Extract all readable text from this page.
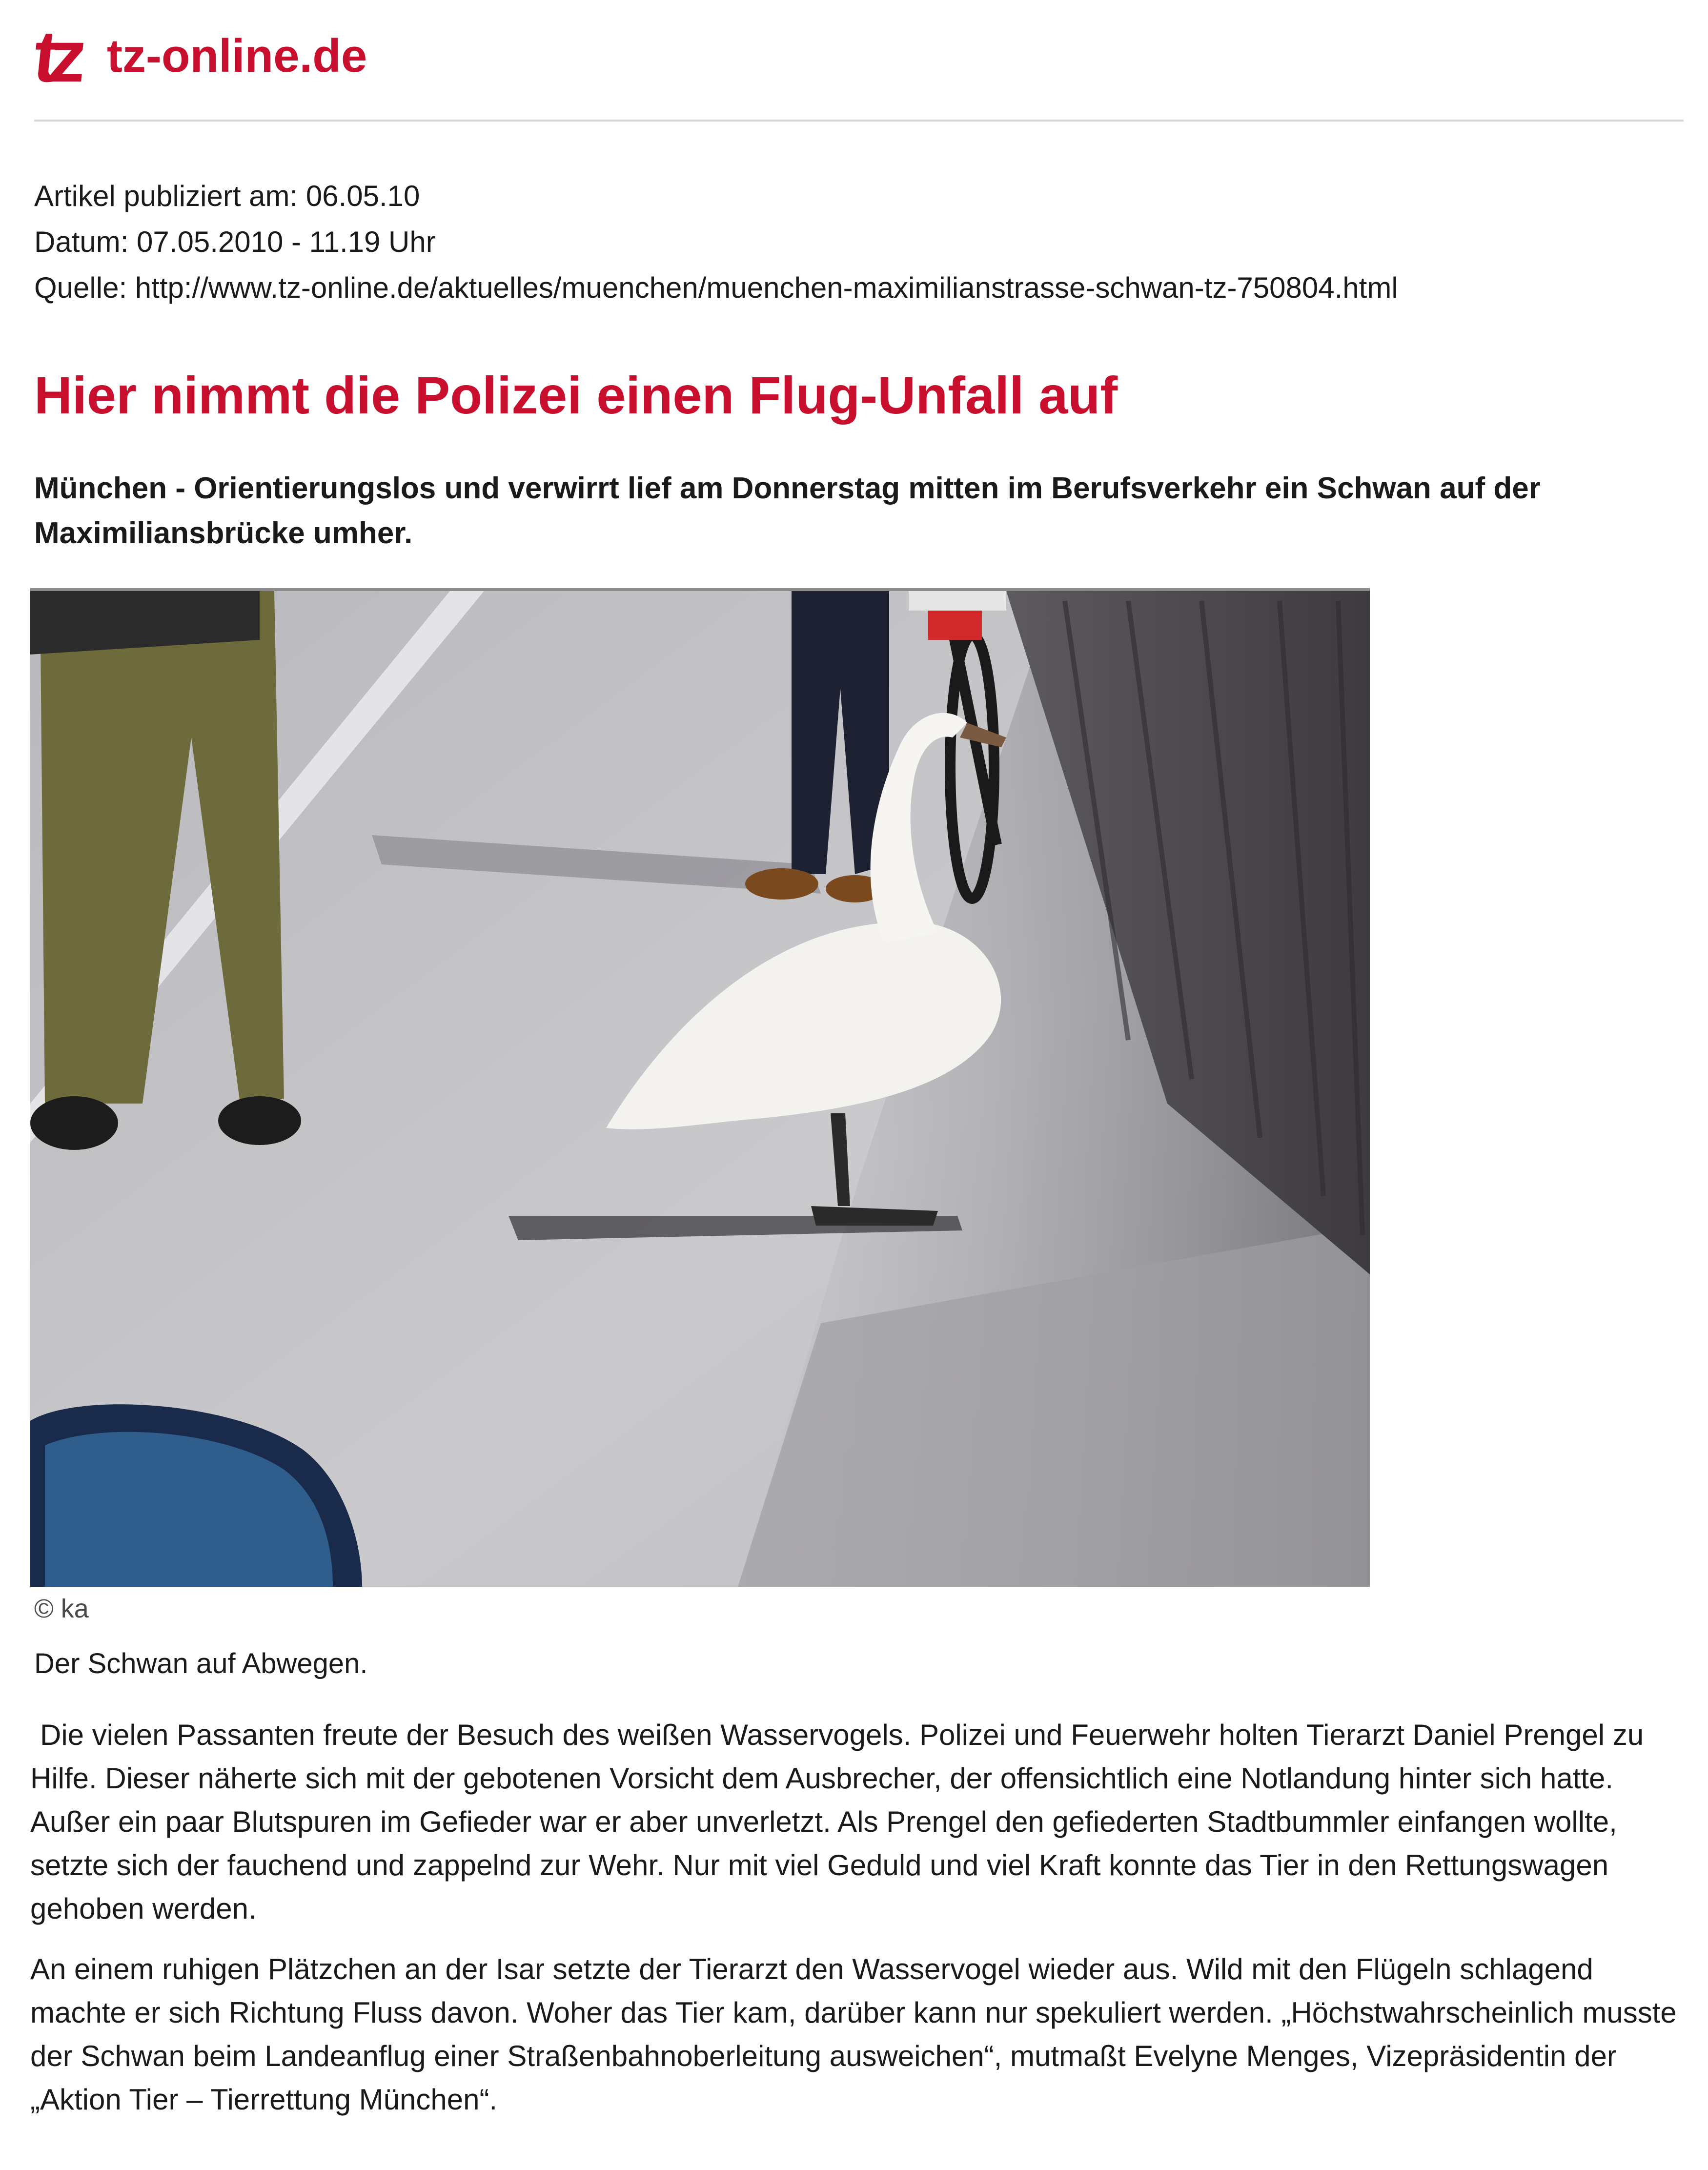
tz tz-online.de
Artikel publiziert am: 06.05.10
Datum: 07.05.2010 - 11.19 Uhr
Quelle: http://www.tz-online.de/aktuelles/muenchen/muenchen-maximilianstrasse-schwan-tz-750804.html
Hier nimmt die Polizei einen Flug-Unfall auf
München - Orientierungslos und verwirrt lief am Donnerstag mitten im Berufsverkehr ein Schwan auf der Maximiliansbrücke umher.
© ka
Der Schwan auf Abwegen.
Die vielen Passanten freute der Besuch des weißen Wasservogels. Polizei und Feuerwehr holten Tierarzt Daniel Prengel zu Hilfe. Dieser näherte sich mit der gebotenen Vorsicht dem Ausbrecher, der offensichtlich eine Notlandung hinter sich hatte. Außer ein paar Blutspuren im Gefieder war er aber unverletzt. Als Prengel den gefiederten Stadtbummler einfangen wollte, setzte sich der fauchend und zappelnd zur Wehr. Nur mit viel Geduld und viel Kraft konnte das Tier in den Rettungswagen gehoben werden.
An einem ruhigen Plätzchen an der Isar setzte der Tierarzt den Wasservogel wieder aus. Wild mit den Flügeln schlagend machte er sich Richtung Fluss davon. Woher das Tier kam, darüber kann nur spekuliert werden. „Höchstwahrscheinlich musste der Schwan beim Landeanflug einer Straßenbahnoberleitung ausweichen“, mutmaßt Evelyne Menges, Vizepräsidentin der „Aktion Tier – Tierrettung München“.
